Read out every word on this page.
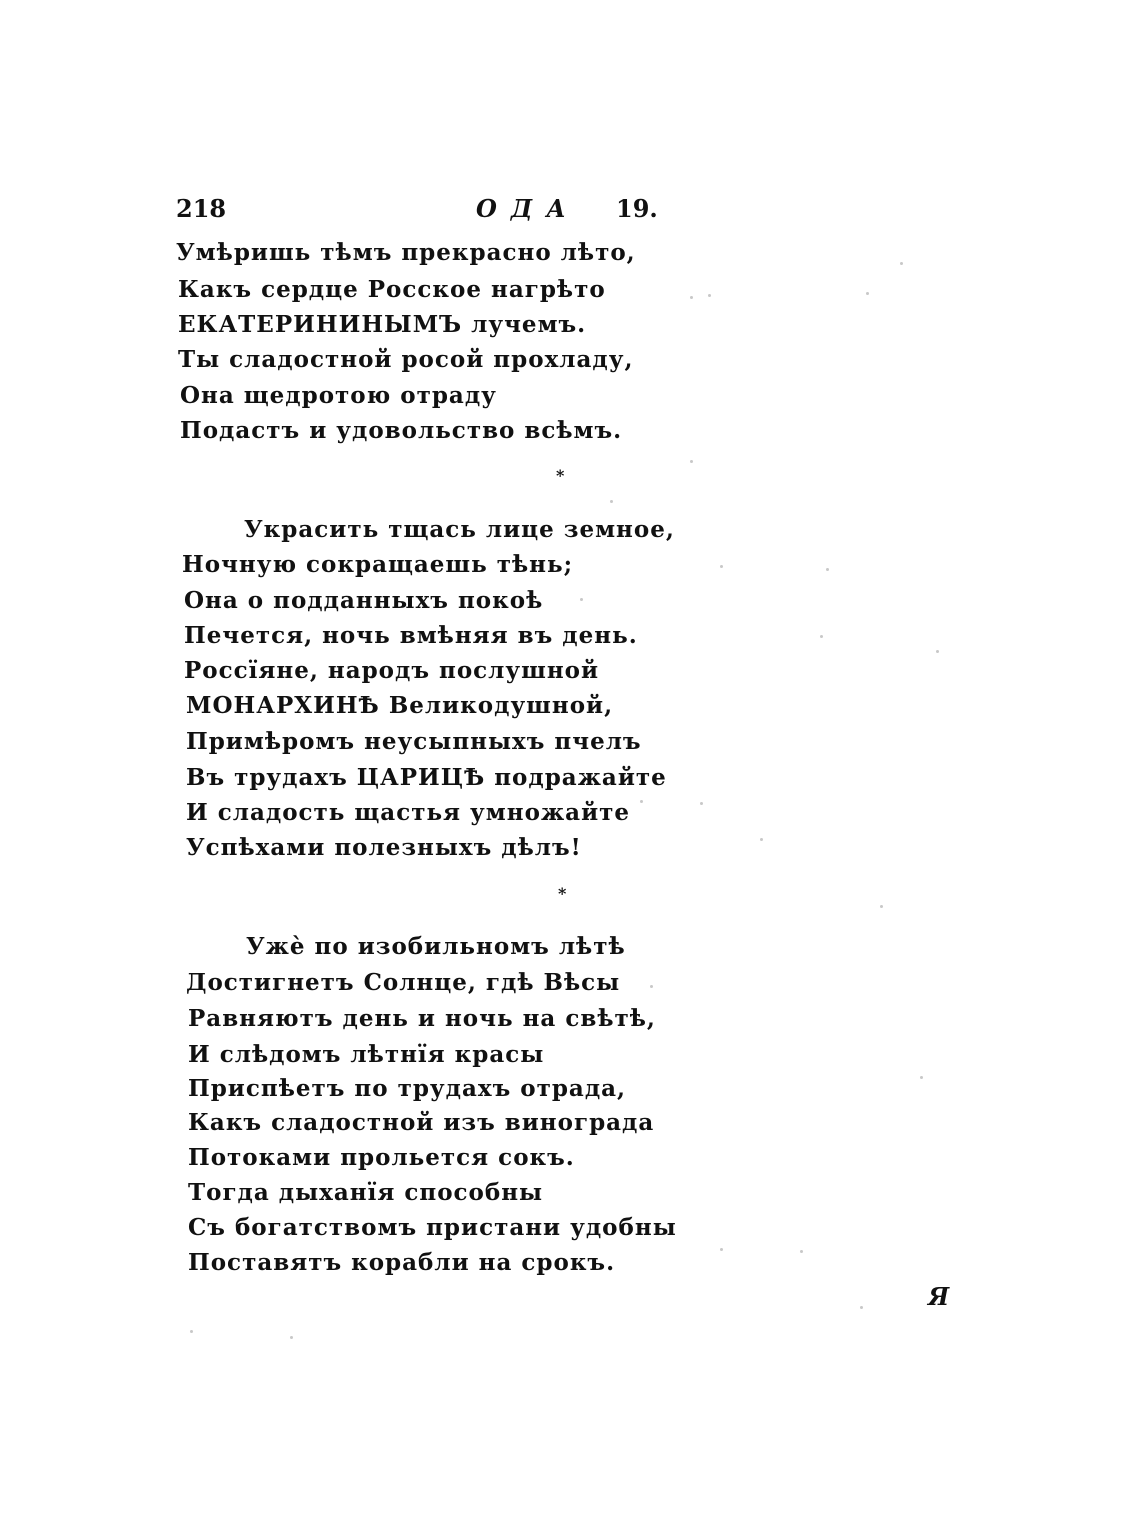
218	ОДА 19.
Умѣришь тѣмъ прекрасно лѣто,
Какъ сердце Росское нагрѣто
ЕКАТЕРИНИНЫМЪ лучемъ.
Ты сладостной росой прохладу,
Она щедротою отраду
Подастъ и удовольство всѣмъ.
*
Украсить тщась лице земное,
Ночную сокращаешь тѣнь;
Она о подданныхъ покоѣ
Печется, ночь вмѣняя въ день.
Россїяне, народъ послушной
МОНАРХИНѢ Великодушной,
Примѣромъ неусыпныхъ пчелъ
Въ трудахъ ЦАРИЦѢ подражайте
И сладость щастья умножайте
Успѣхами полезныхъ дѣлъ!
*
Ужѐ по изобильномъ лѣтѣ
Достигнетъ Солнце, гдѣ Вѣсы
Равняютъ день и ночь на свѣтѣ,
И слѣдомъ лѣтнїя красы
Приспѣетъ по трудахъ отрада,
Какъ сладостной изъ винограда
Потоками прольется сокъ.
Тогда дыханїя способны
Съ богатствомъ пристани удобны
Поставятъ корабли на срокъ.
Я
